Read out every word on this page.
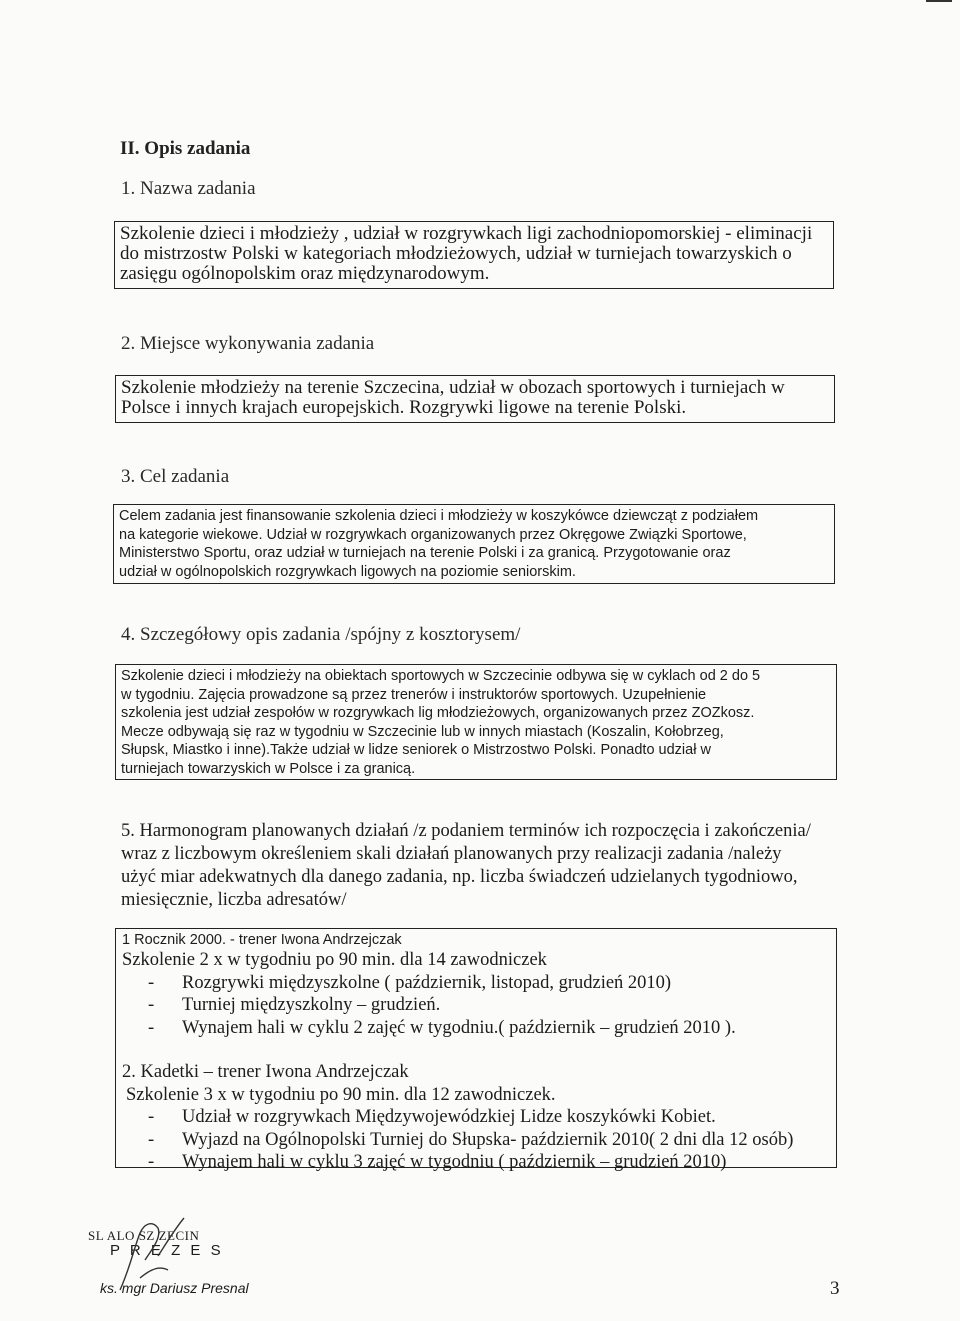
II. Opis zadania
1. Nazwa zadania

Szkolenie dzieci i młodzieży , udział w rozgrywkach ligi zachodniopomorskiej - eliminacji

do mistrzostw Polski w kategoriach młodzieżowych, udział w turniejach towarzyskich o

zasięgu ogólnopolskim oraz międzynarodowym.

2. Miejsce wykonywania zadania

Szkolenie młodzieży na terenie Szczecina, udział w obozach sportowych i turniejach w

Polsce i innych krajach europejskich. Rozgrywki ligowe na terenie Polski.

3. Cel zadania

Celem zadania jest finansowanie szkolenia dzieci i młodzieży w koszykówce dziewcząt z podziałem

na kategorie wiekowe. Udział w rozgrywkach organizowanych przez Okręgowe Związki Sportowe,

Ministerstwo Sportu, oraz udział w turniejach na terenie Polski i za granicą. Przygotowanie oraz

udział w ogólnopolskich rozgrywkach ligowych na poziomie seniorskim.

4. Szczegółowy opis zadania /spójny z kosztorysem/

Szkolenie dzieci i młodzieży na obiektach sportowych w Szczecinie odbywa się w cyklach od 2 do 5

w tygodniu. Zajęcia prowadzone są przez trenerów i instruktorów sportowych. Uzupełnienie

szkolenia jest udział zespołów w rozgrywkach lig młodzieżowych, organizowanych przez ZOZkosz.

Mecze odbywają się raz w tygodniu w Szczecinie lub w innych miastach (Koszalin, Kołobrzeg,

Słupsk, Miastko i inne).Także udział w lidze seniorek o Mistrzostwo Polski. Ponadto udział w

turniejach towarzyskich w Polsce i za granicą.

5. Harmonogram planowanych działań /z podaniem terminów ich rozpoczęcia i zakończenia/

wraz z liczbowym określeniem skali działań planowanych przy realizacji zadania /należy

użyć miar adekwatnych dla danego zadania, np. liczba świadczeń udzielanych tygodniowo,

miesięcznie, liczba adresatów/

1 Rocznik 2000. - trener Iwona Andrzejczak

Szkolenie 2 x w tygodniu po 90 min. dla 14 zawodniczek

-	Rozgrywki międzyszkolne ( październik, listopad, grudzień 2010)
-	Turniej międzyszkolny – grudzień.
-	Wynajem hali w cyklu 2 zajęć w tygodniu.( październik – grudzień 2010 ).

2. Kadetki – trener Iwona Andrzejczak

Szkolenie 3 x w tygodniu po 90 min. dla 12 zawodniczek.

-	Udział w rozgrywkach Międzywojewódzkiej Lidze koszykówki Kobiet.
-	Wyjazd na Ogólnopolski Turniej do Słupska- październik 2010( 2 dni dla 12 osób)
-	Wynajem hali w cyklu 3 zajęć w tygodniu ( październik – grudzień 2010)
SL ALO SZ ZECIN
P R E Z E S
ks. mgr Dariusz Presnal	3
